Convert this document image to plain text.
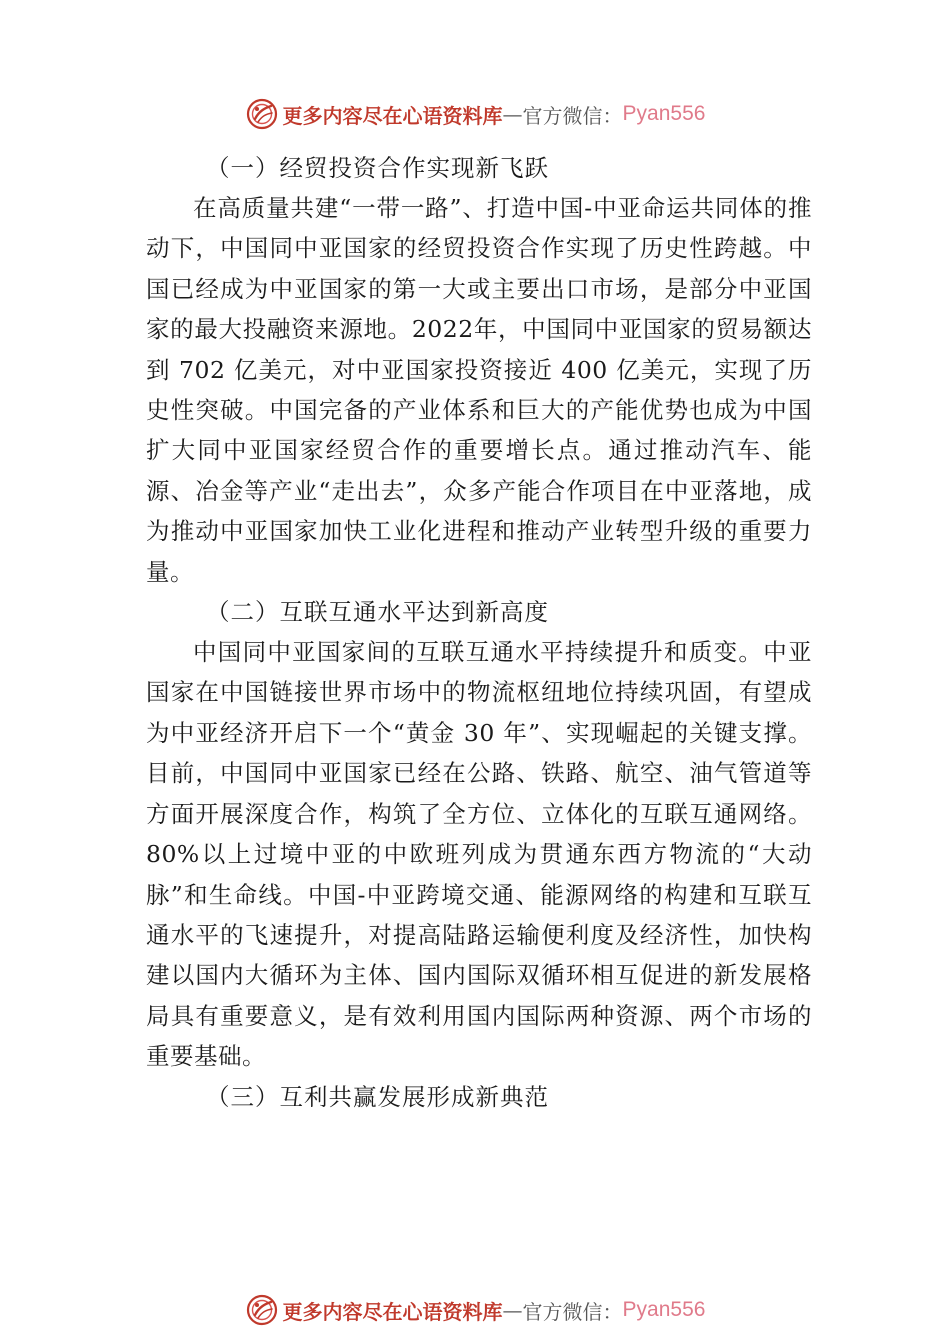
更多内容尽在心语资料库 — 官方微信： Pyan556

（一）经贸投资合作实现新飞跃

在高质量共建“一带一路”、打造中国-中亚命运共同体的推动下，中国同中亚国家的经贸投资合作实现了历史性跨越。中国已经成为中亚国家的第一大或主要出口市场，是部分中亚国家的最大投融资来源地。2022年，中国同中亚国家的贸易额达到 702 亿美元，对中亚国家投资接近 400 亿美元，实现了历史性突破。中国完备的产业体系和巨大的产能优势也成为中国扩大同中亚国家经贸合作的重要增长点。通过推动汽车、能源、冶金等产业“走出去”，众多产能合作项目在中亚落地，成为推动中亚国家加快工业化进程和推动产业转型升级的重要力量。

（二）互联互通水平达到新高度

中国同中亚国家间的互联互通水平持续提升和质变。中亚国家在中国链接世界市场中的物流枢纽地位持续巩固，有望成为中亚经济开启下一个“黄金 30 年”、实现崛起的关键支撑。目前，中国同中亚国家已经在公路、铁路、航空、油气管道等方面开展深度合作，构筑了全方位、立体化的互联互通网络。80%以上过境中亚的中欧班列成为贯通东西方物流的“大动脉”和生命线。中国-中亚跨境交通、能源网络的构建和互联互通水平的飞速提升，对提高陆路运输便利度及经济性，加快构建以国内大循环为主体、国内国际双循环相互促进的新发展格局具有重要意义，是有效利用国内国际两种资源、两个市场的重要基础。

（三）互利共赢发展形成新典范

更多内容尽在心语资料库 — 官方微信： Pyan556
